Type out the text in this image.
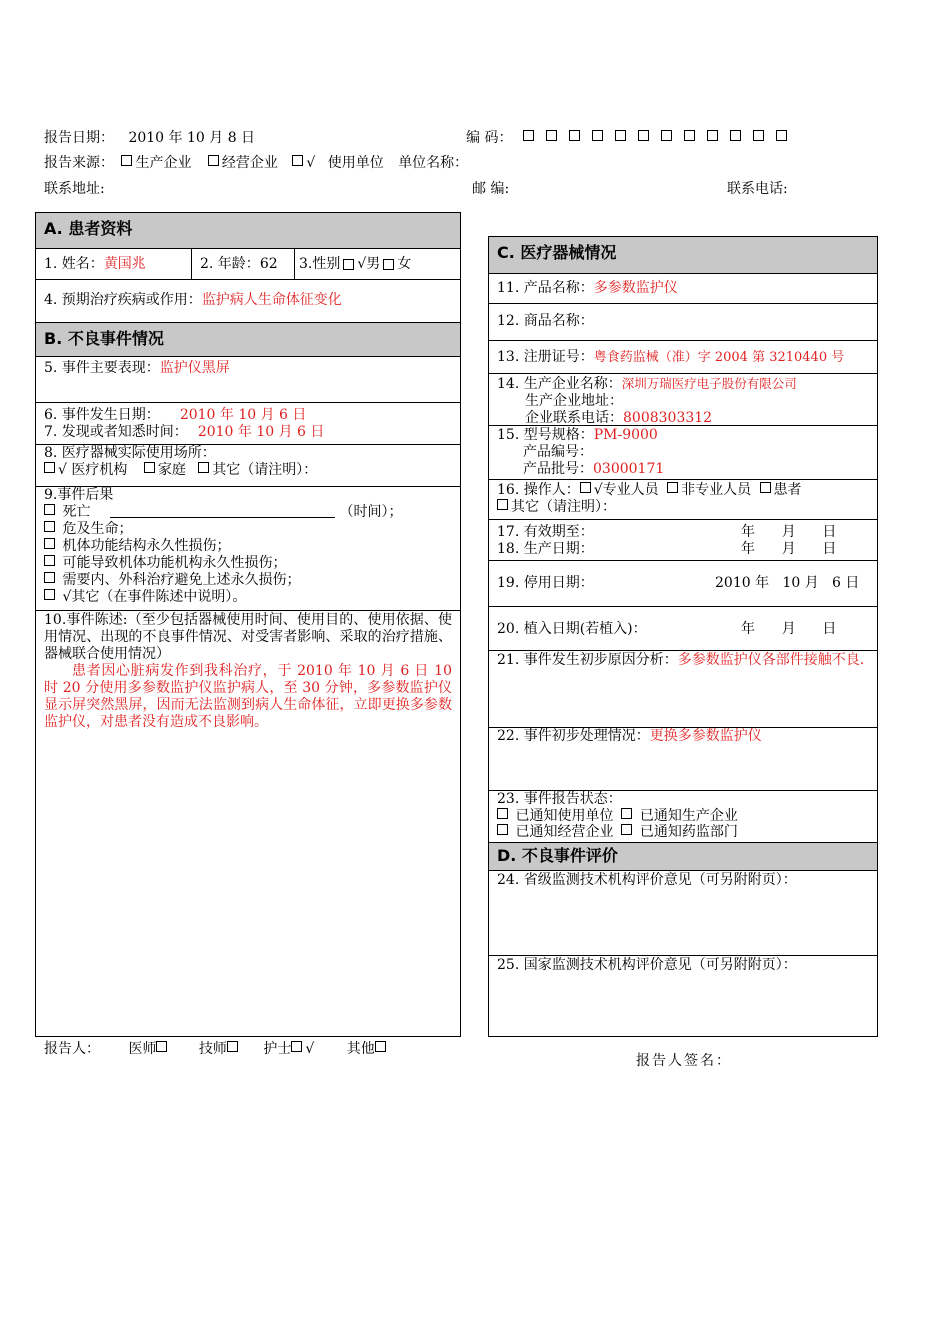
报告日期： 2010 年 10 月 8 日	编 码：
报告来源： 生产企业 经营企业 √ 使用单位 单位名称：
联系地址:	邮 编:	联系电话:
A. 患者资料
1. 姓名： 黄国兆	2. 年龄： 62 3.性别 √ 男 女
4. 预期治疗疾病或作用：监护病人生命体征变化
B. 不良事件情况
5. 事件主要表现：监护仪黑屏
6. 事件发生日期： 2010 年 10 月 6 日
7. 发现或者知悉时间： 2010 年 10 月 6 日
8. 医疗器械实际使用场所：
√ 医疗机构 家庭 其它（请注明）：
9.事件后果
死亡	（时间）；
危及生命；
机体功能结构永久性损伤；
可能导致机体功能机构永久性损伤；
需要内、外科治疗避免上述永久损伤；
√其它（在事件陈述中说明）。
10.事件陈述:（至少包括器械使用时间、使用目的、使用依据、使用情况、出现的不良事件情况、对受害者影响、采取的治疗措施、器械联合使用情况）
患者因心脏病发作到我科治疗，于 2010 年 10 月 6 日 10 时 20 分使用多参数监护仪监护病人，至 30 分钟，多参数监护仪显示屏突然黑屏，因而无法监测到病人生命体征，立即更换多参数监护仪，对患者没有造成不良影响。
报告人： 医师	技师	护士 √ 其他
C. 医疗器械情况
11. 产品名称：多参数监护仪
12. 商品名称：
13. 注册证号：粤食药监械（准）字 2004 第 3210440 号
14. 生产企业名称：深圳万瑞医疗电子股份有限公司
生产企业地址：
企业联系电话：8008303312
15. 型号规格：PM-9000
产品编号：
产品批号：03000171
16. 操作人： √专业人员 非专业人员 患者
其它（请注明）：
17. 有效期至：	年      月      日
18. 生产日期：	年      月      日
19. 停用日期：	2010 年   10 月   6 日
20. 植入日期(若植入)：	年      月      日
21. 事件发生初步原因分析：多参数监护仪各部件接触不良.
22. 事件初步处理情况：更换多参数监护仪
23. 事件报告状态：
已通知使用单位 已通知生产企业
已通知经营企业 已通知药监部门
D. 不良事件评价
24. 省级监测技术机构评价意见（可另附附页）：
25. 国家监测技术机构评价意见（可另附附页）：
报告人签名：
